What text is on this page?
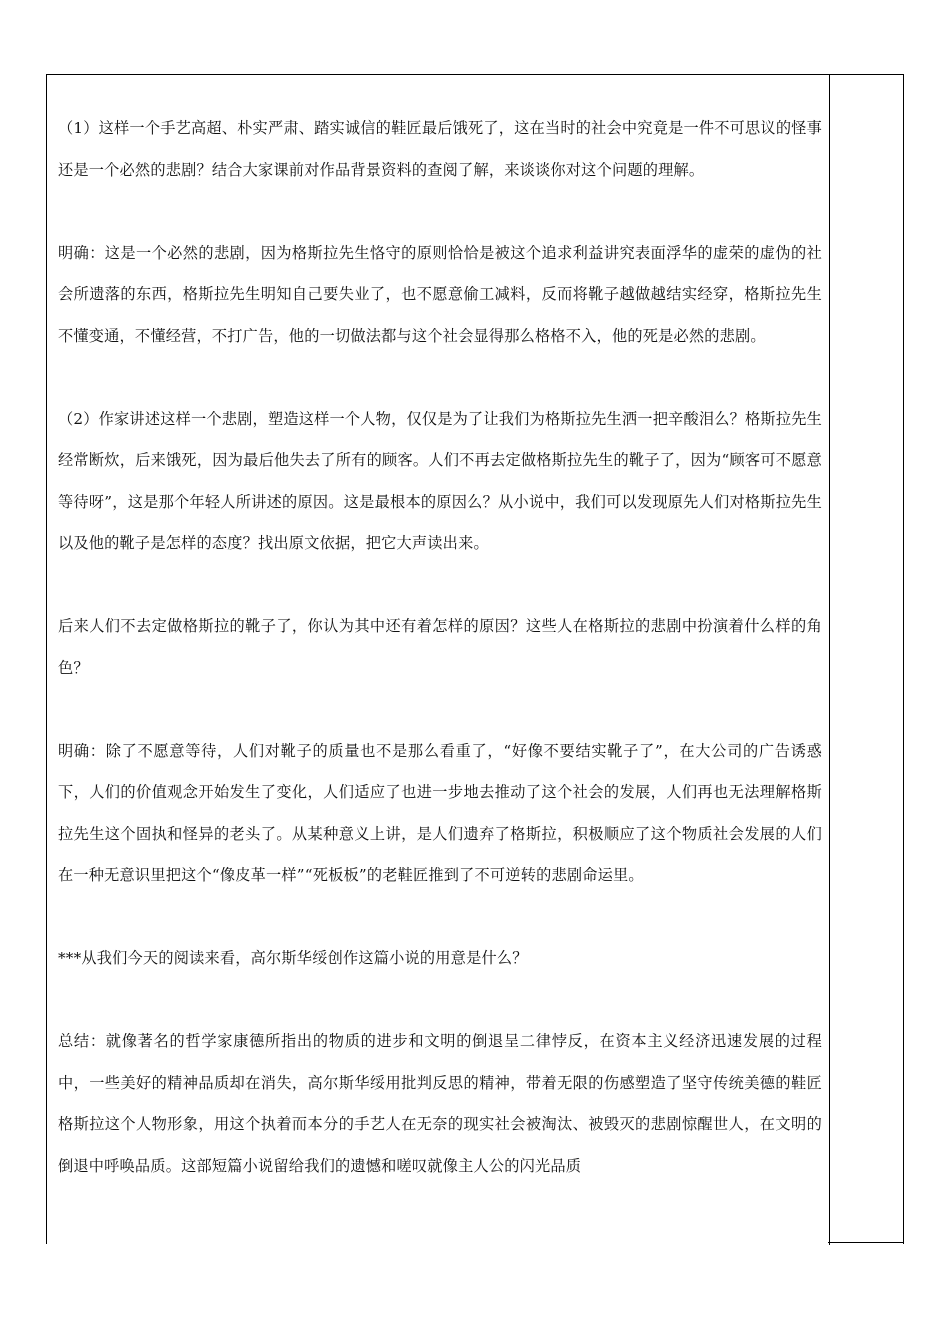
（1）这样一个手艺高超、朴实严肃、踏实诚信的鞋匠最后饿死了，这在当时的社会中究竟是一件不可思议的怪事还是一个必然的悲剧？结合大家课前对作品背景资料的查阅了解，来谈谈你对这个问题的理解。

明确：这是一个必然的悲剧，因为格斯拉先生恪守的原则恰恰是被这个追求利益讲究表面浮华的虚荣的虚伪的社会所遗落的东西，格斯拉先生明知自己要失业了，也不愿意偷工减料，反而将靴子越做越结实经穿，格斯拉先生不懂变通，不懂经营，不打广告，他的一切做法都与这个社会显得那么格格不入，他的死是必然的悲剧。

（2）作家讲述这样一个悲剧，塑造这样一个人物，仅仅是为了让我们为格斯拉先生洒一把辛酸泪么？格斯拉先生经常断炊，后来饿死，因为最后他失去了所有的顾客。人们不再去定做格斯拉先生的靴子了，因为“顾客可不愿意等待呀”，这是那个年轻人所讲述的原因。这是最根本的原因么？从小说中，我们可以发现原先人们对格斯拉先生以及他的靴子是怎样的态度？找出原文依据，把它大声读出来。

后来人们不去定做格斯拉的靴子了，你认为其中还有着怎样的原因？这些人在格斯拉的悲剧中扮演着什么样的角色？

明确：除了不愿意等待，人们对靴子的质量也不是那么看重了，“好像不要结实靴子了”，在大公司的广告诱惑下，人们的价值观念开始发生了变化，人们适应了也进一步地去推动了这个社会的发展，人们再也无法理解格斯拉先生这个固执和怪异的老头了。从某种意义上讲，是人们遗弃了格斯拉，积极顺应了这个物质社会发展的人们在一种无意识里把这个“像皮革一样”“死板板”的老鞋匠推到了不可逆转的悲剧命运里。

***从我们今天的阅读来看，高尔斯华绥创作这篇小说的用意是什么？

总结：就像著名的哲学家康德所指出的物质的进步和文明的倒退呈二律悖反，在资本主义经济迅速发展的过程中，一些美好的精神品质却在消失，高尔斯华绥用批判反思的精神，带着无限的伤感塑造了坚守传统美德的鞋匠格斯拉这个人物形象，用这个执着而本分的手艺人在无奈的现实社会被淘汰、被毁灭的悲剧惊醒世人，在文明的倒退中呼唤品质。这部短篇小说留给我们的遗憾和嗟叹就像主人公的闪光品质
